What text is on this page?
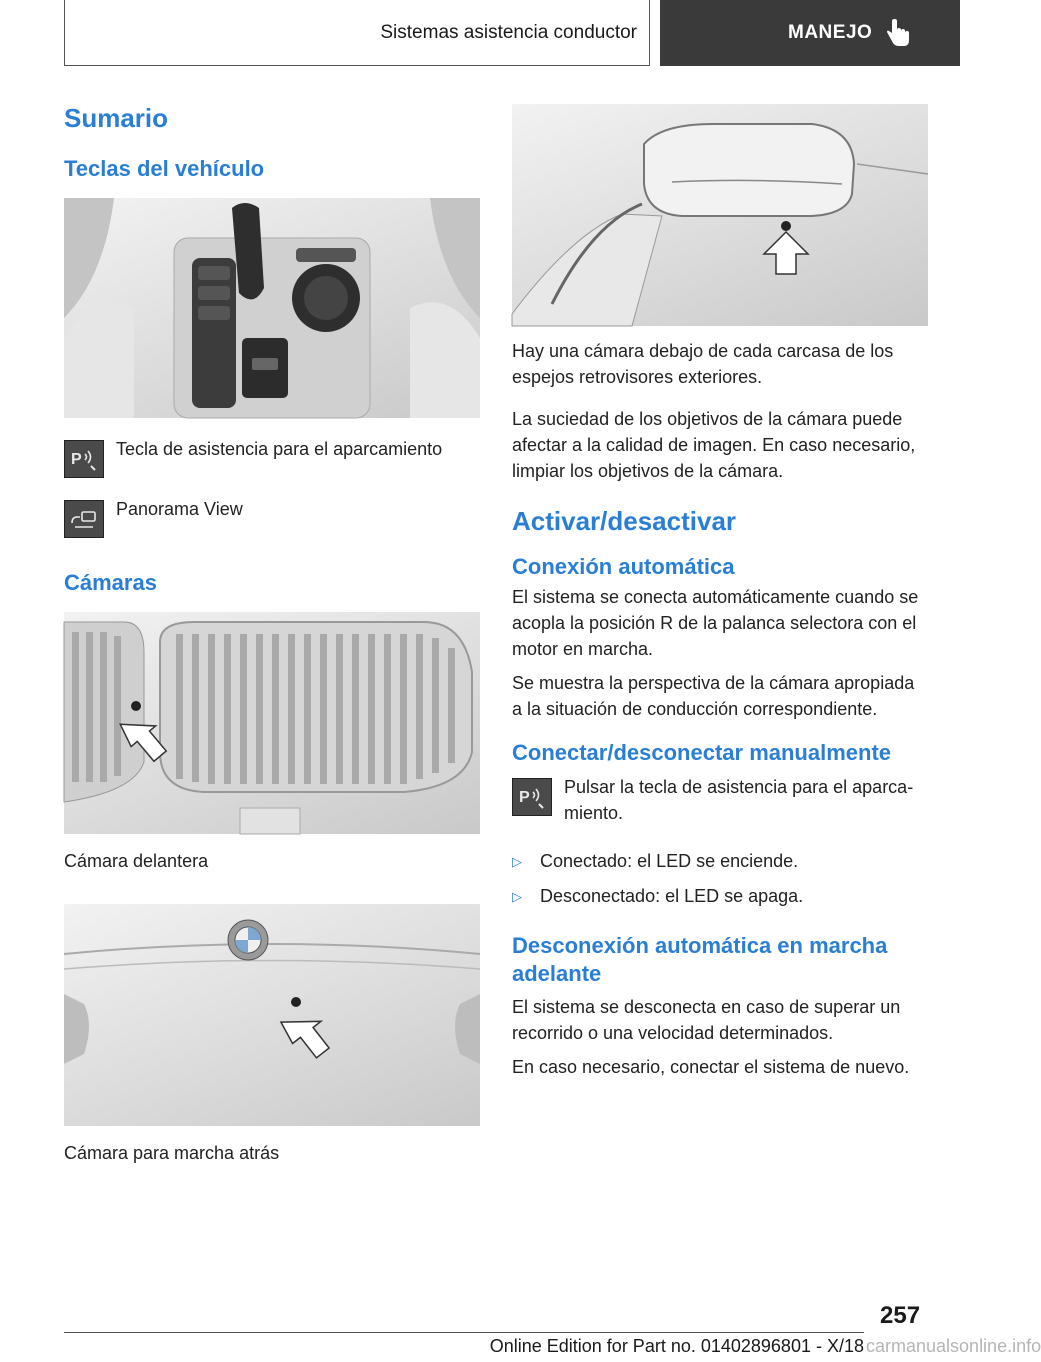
Sistemas asistencia conductor	MANEJO
Sumario
Teclas del vehículo
P
Tecla de asistencia para el aparcamiento
Panorama View
Cámaras
Cámara delantera
Cámara para marcha atrás

Hay una cámara debajo de cada carcasa de los espejos retrovisores exteriores.

La suciedad de los objetivos de la cámara puede afectar a la calidad de imagen. En caso necesario, limpiar los objetivos de la cámara.

Activar/desactivar
Conexión automática

El sistema se conecta automáticamente cuando se acopla la posición R de la palanca selectora con el motor en marcha.

Se muestra la perspectiva de la cámara apropiada a la situación de conducción correspondiente.

Conectar/desconectar manualmente
P
Pulsar la tecla de asistencia para el aparcamiento.
▷	Conectado: el LED se enciende.
▷	Desconectado: el LED se apaga.
Desconexión automática en marcha adelante

El sistema se desconecta en caso de superar un recorrido o una velocidad determinados.

En caso necesario, conectar el sistema de nuevo.

257
Online Edition for Part no. 01402896801 - X/18 carmanualsonline.info
